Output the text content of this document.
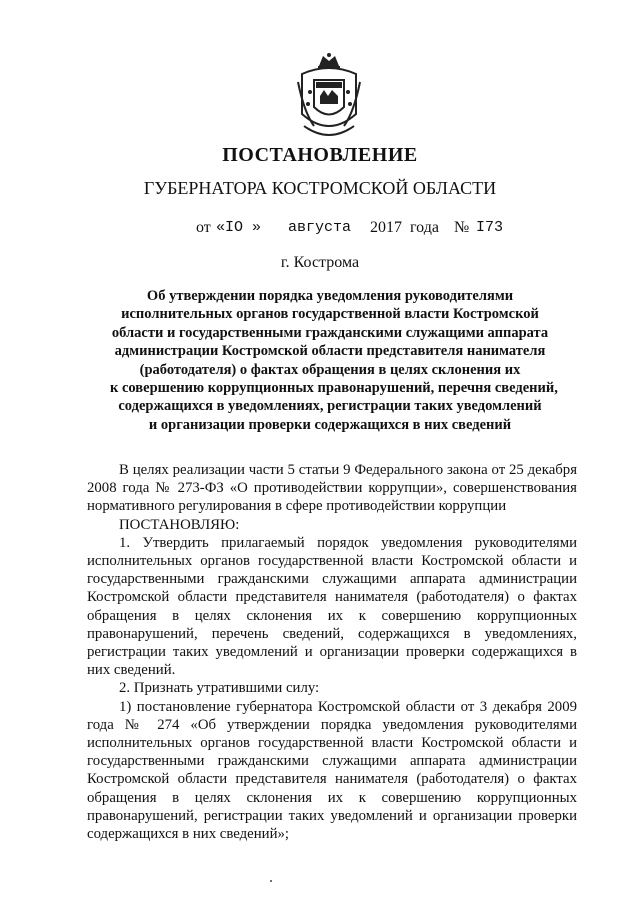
ПОСТАНОВЛЕНИЕ
ГУБЕРНАТОРА КОСТРОМСКОЙ ОБЛАСТИ
от «IO » августа 2017 года № I73
г. Кострома
Об утверждении порядка уведомления руководителями
исполнительных органов государственной власти Костромской
области и государственными гражданскими служащими аппарата
администрации Костромской области представителя нанимателя
(работодателя) о фактах обращения в целях склонения их
к совершению коррупционных правонарушений, перечня сведений,
содержащихся в уведомлениях, регистрации таких уведомлений
и организации проверки содержащихся в них сведений

В целях реализации части 5 статьи 9 Федерального закона от 25 декабря 2008 года № 273-ФЗ «О противодействии коррупции», совершенствования нормативного регулирования в сфере противодействии коррупции

ПОСТАНОВЛЯЮ:

1. Утвердить прилагаемый порядок уведомления руководителями исполнительных органов государственной власти Костромской области и государственными гражданскими служащими аппарата администрации Костромской области представителя нанимателя (работодателя) о фактах обращения в целях склонения их к совершению коррупционных правонарушений, перечень сведений, содержащихся в уведомлениях, регистрации таких уведомлений и организации проверки содержащихся в них сведений.

2. Признать утратившими силу:

1) постановление губернатора Костромской области от 3 декабря 2009 года № 274 «Об утверждении порядка уведомления руководителями исполнительных органов государственной власти Костромской области и государственными гражданскими служащими аппарата администрации Костромской области представителя нанимателя (работодателя) о фактах обращения в целях склонения их к совершению коррупционных правонарушений, регистрации таких уведомлений и организации проверки содержащихся в них сведений»;
